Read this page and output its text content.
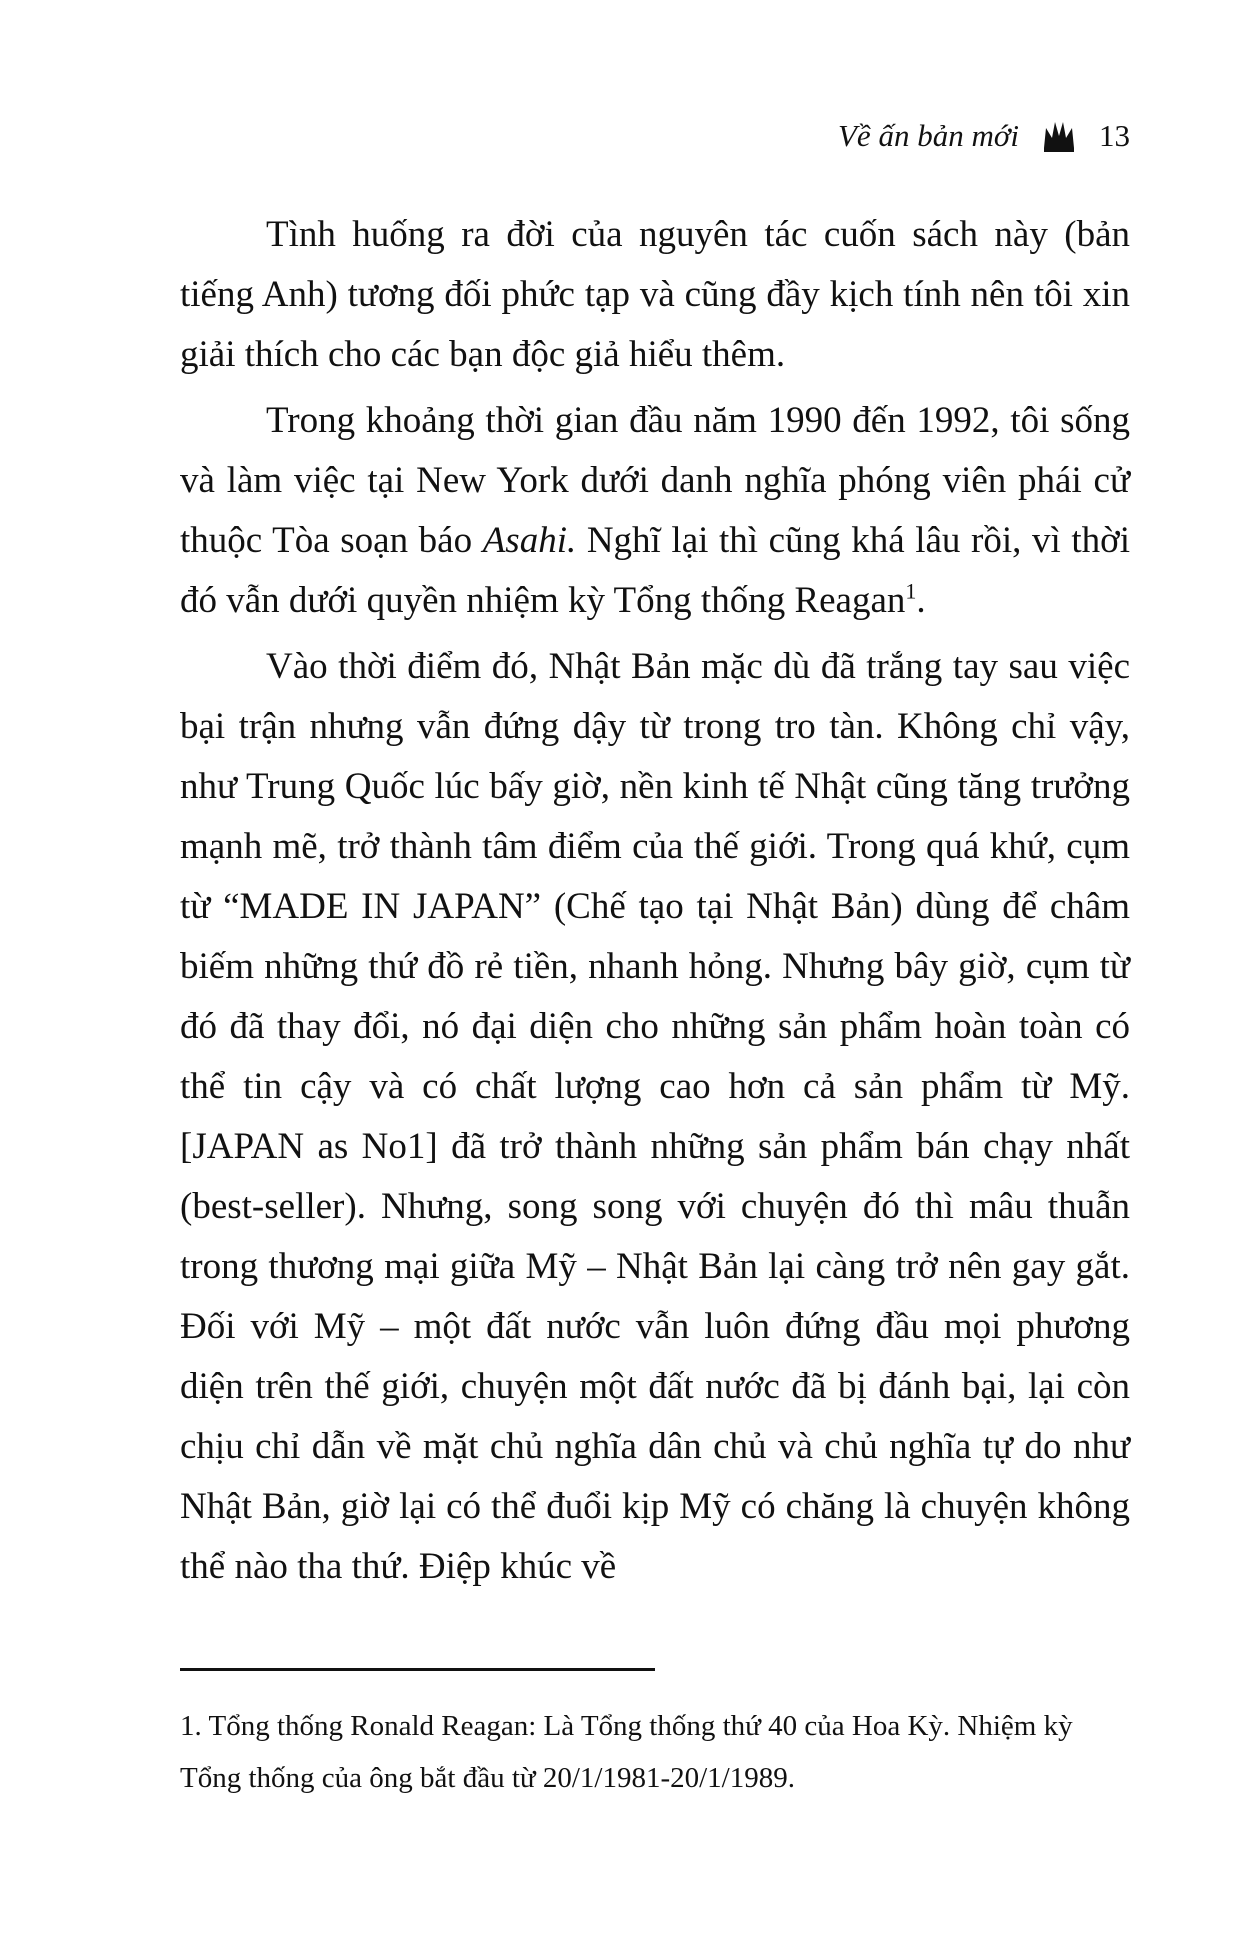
Về ấn bản mới	13

Tình huống ra đời của nguyên tác cuốn sách này (bản tiếng Anh) tương đối phức tạp và cũng đầy kịch tính nên tôi xin giải thích cho các bạn độc giả hiểu thêm.

Trong khoảng thời gian đầu năm 1990 đến 1992, tôi sống và làm việc tại New York dưới danh nghĩa phóng viên phái cử thuộc Tòa soạn báo Asahi. Nghĩ lại thì cũng khá lâu rồi, vì thời đó vẫn dưới quyền nhiệm kỳ Tổng thống Reagan$^1$.

Vào thời điểm đó, Nhật Bản mặc dù đã trắng tay sau việc bại trận nhưng vẫn đứng dậy từ trong tro tàn. Không chỉ vậy, như Trung Quốc lúc bấy giờ, nền kinh tế Nhật cũng tăng trưởng mạnh mẽ, trở thành tâm điểm của thế giới. Trong quá khứ, cụm từ “MADE IN JAPAN” (Chế tạo tại Nhật Bản) dùng để châm biếm những thứ đồ rẻ tiền, nhanh hỏng. Nhưng bây giờ, cụm từ đó đã thay đổi, nó đại diện cho những sản phẩm hoàn toàn có thể tin cậy và có chất lượng cao hơn cả sản phẩm từ Mỹ. [JAPAN as No1] đã trở thành những sản phẩm bán chạy nhất (best-seller). Nhưng, song song với chuyện đó thì mâu thuẫn trong thương mại giữa Mỹ – Nhật Bản lại càng trở nên gay gắt. Đối với Mỹ – một đất nước vẫn luôn đứng đầu mọi phương diện trên thế giới, chuyện một đất nước đã bị đánh bại, lại còn chịu chỉ dẫn về mặt chủ nghĩa dân chủ và chủ nghĩa tự do như Nhật Bản, giờ lại có thể đuổi kịp Mỹ có chăng là chuyện không thể nào tha thứ. Điệp khúc về

1. Tổng thống Ronald Reagan: Là Tổng thống thứ 40 của Hoa Kỳ. Nhiệm kỳ Tổng thống của ông bắt đầu từ 20/1/1981-20/1/1989.
